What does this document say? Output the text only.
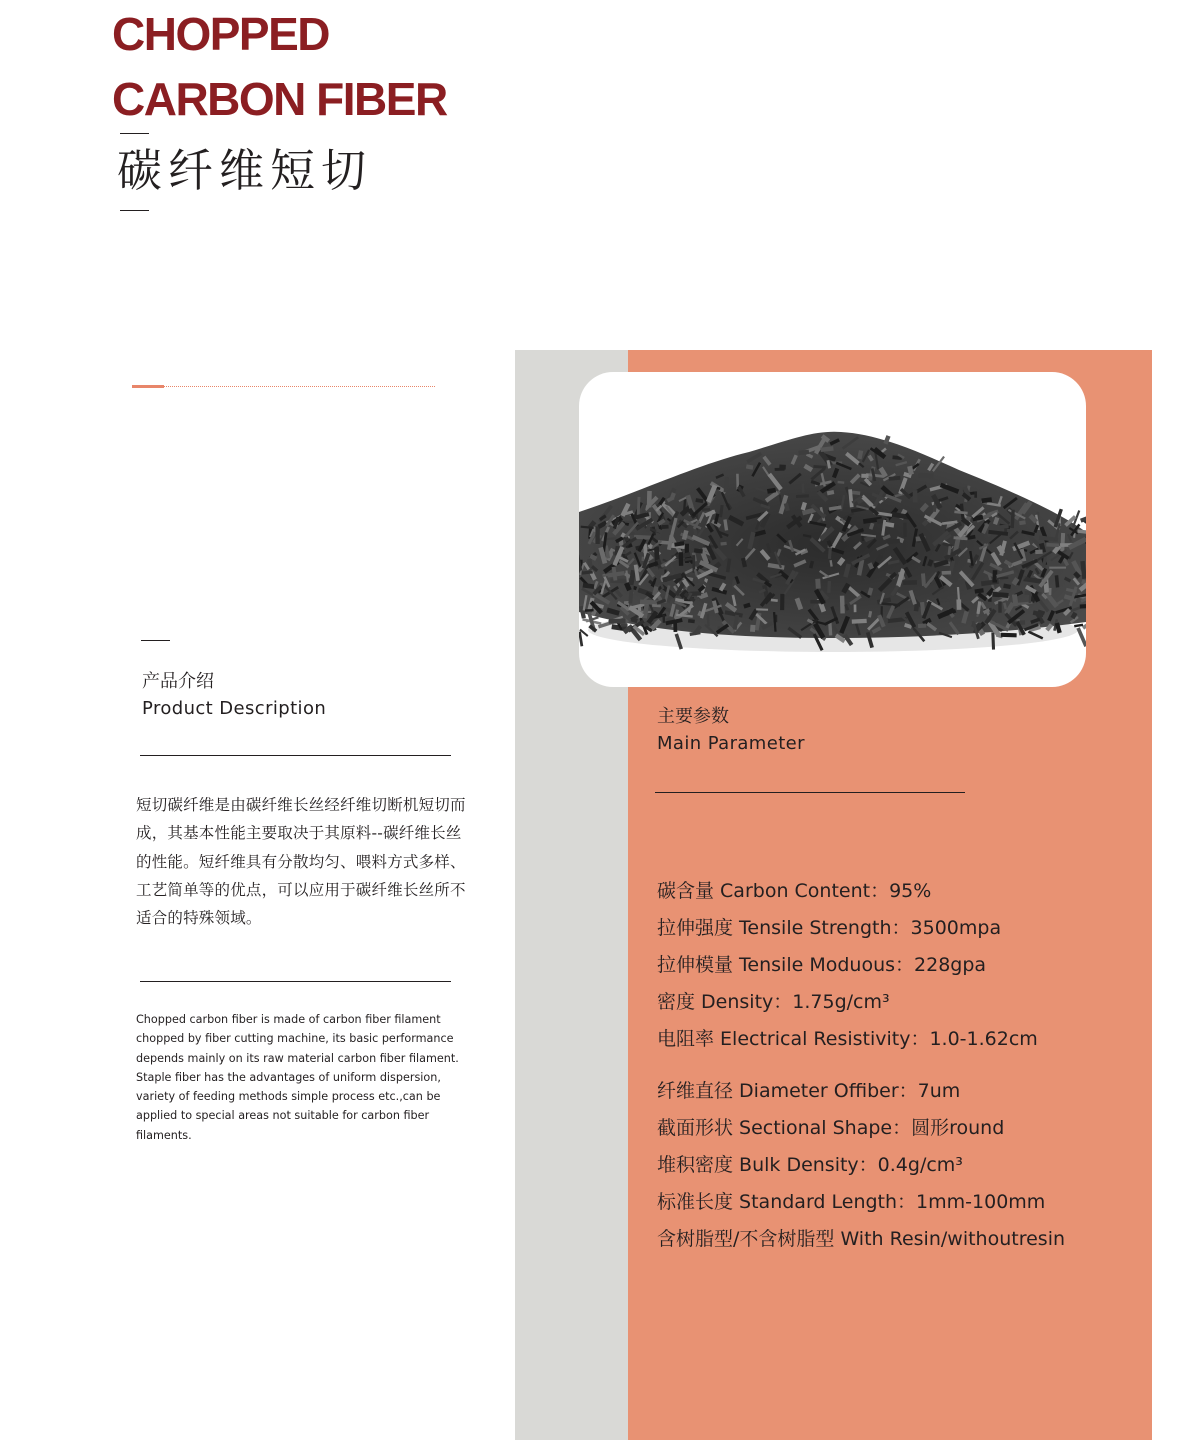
CHOPPED
CARBON FIBER
碳纤维短切
产品介绍
Product Description

短切碳纤维是由碳纤维长丝经纤维切断机短切而成，其基本性能主要取决于其原料--碳纤维长丝的性能。短纤维具有分散均匀、喂料方式多样、工艺简单等的优点，可以应用于碳纤维长丝所不适合的特殊领域。

Chopped carbon fiber is made of carbon fiber filament chopped by fiber cutting machine, its basic performance depends mainly on its raw material carbon fiber filament. Staple fiber has the advantages of uniform dispersion, variety of feeding methods simple process etc.,can be applied to special areas not suitable for carbon fiber filaments.

主要参数
Main Parameter
碳含量 Carbon Content：95%
拉伸强度 Tensile Strength：3500mpa
拉伸模量 Tensile Moduous：228gpa
密度 Density：1.75g/cm³
电阻率 Electrical Resistivity：1.0-1.62cm
纤维直径 Diameter Offiber：7um
截面形状 Sectional Shape：圆形round
堆积密度 Bulk Density：0.4g/cm³
标准长度 Standard Length：1mm-100mm
含树脂型/不含树脂型 With Resin/withoutresin
